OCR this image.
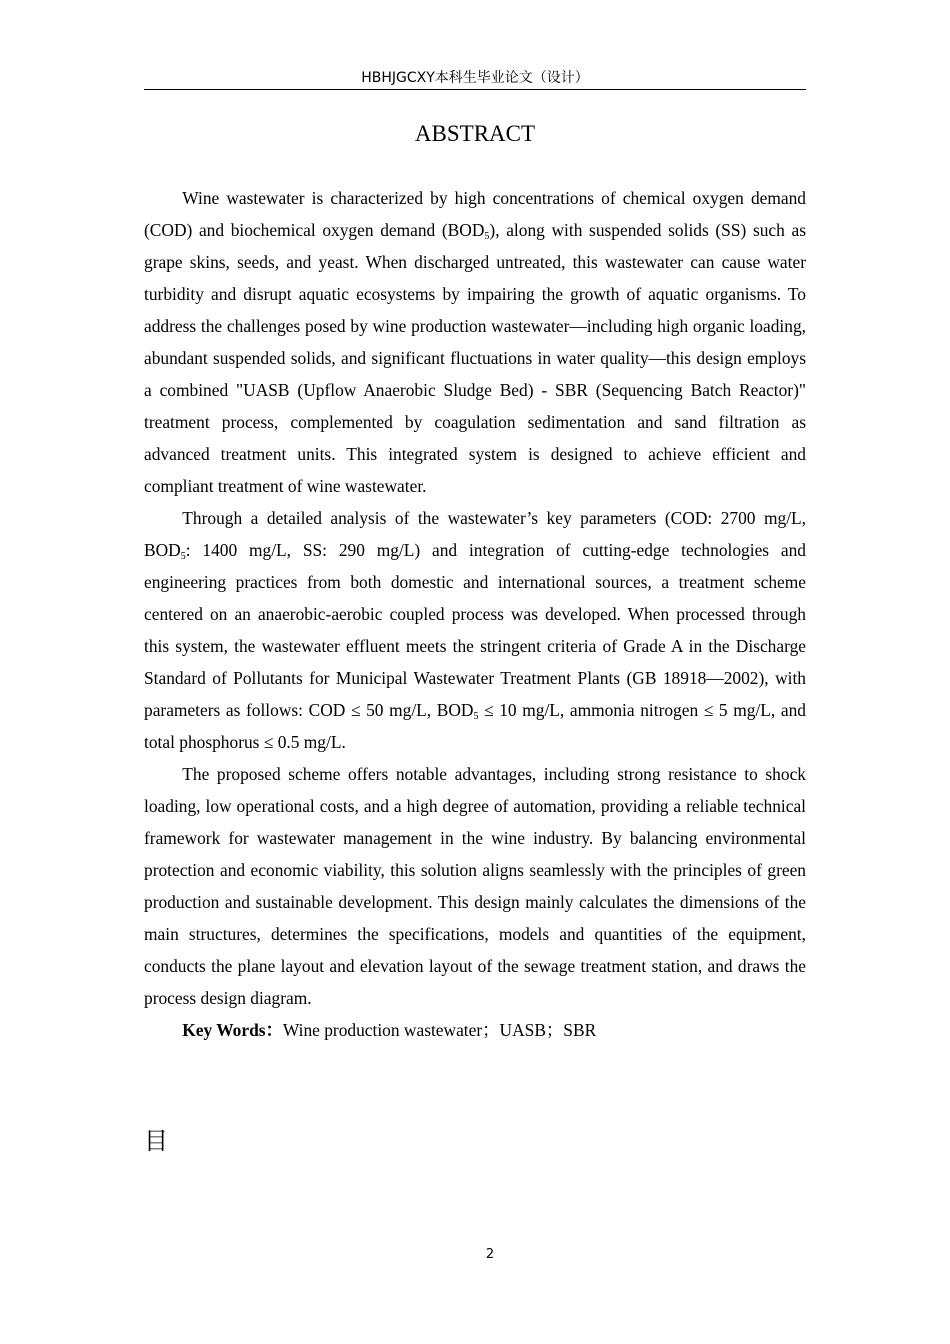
HBHJGCXY本科生毕业论文（设计）
ABSTRACT

Wine wastewater is characterized by high concentrations of chemical oxygen demand (COD) and biochemical oxygen demand $(BOD_5)$, along with suspended solids (SS) such as grape skins, seeds, and yeast. When discharged untreated, this wastewater can cause water turbidity and disrupt aquatic ecosystems by impairing the growth of aquatic organisms. To address the challenges posed by wine production wastewater—including high organic loading, abundant suspended solids, and significant fluctuations in water quality—this design employs a combined "UASB (Upflow Anaerobic Sludge Bed) - SBR (Sequencing Batch Reactor)" treatment process, complemented by coagulation sedimentation and sand filtration as advanced treatment units. This integrated system is designed to achieve efficient and compliant treatment of wine wastewater.

Through a detailed analysis of the wastewater’s key parameters (COD: 2700 mg/L, $BOD_5$: 1400 mg/L, SS: 290 mg/L) and integration of cutting-edge technologies and engineering practices from both domestic and international sources, a treatment scheme centered on an anaerobic-aerobic coupled process was developed. When processed through this system, the wastewater effluent meets the stringent criteria of Grade A in the Discharge Standard of Pollutants for Municipal Wastewater Treatment Plants (GB 18918—2002), with parameters as follows: COD ≤ 50 mg/L, $BOD_5 \le 10$ mg/L, ammonia nitrogen ≤ 5 mg/L, and total phosphorus ≤ 0.5 mg/L.

The proposed scheme offers notable advantages, including strong resistance to shock loading, low operational costs, and a high degree of automation, providing a reliable technical framework for wastewater management in the wine industry. By balancing environmental protection and economic viability, this solution aligns seamlessly with the principles of green production and sustainable development. This design mainly calculates the dimensions of the main structures, determines the specifications, models and quantities of the equipment, conducts the plane layout and elevation layout of the sewage treatment station, and draws the process design diagram.

Key Words：Wine production wastewater；UASB；SBR

目
2
